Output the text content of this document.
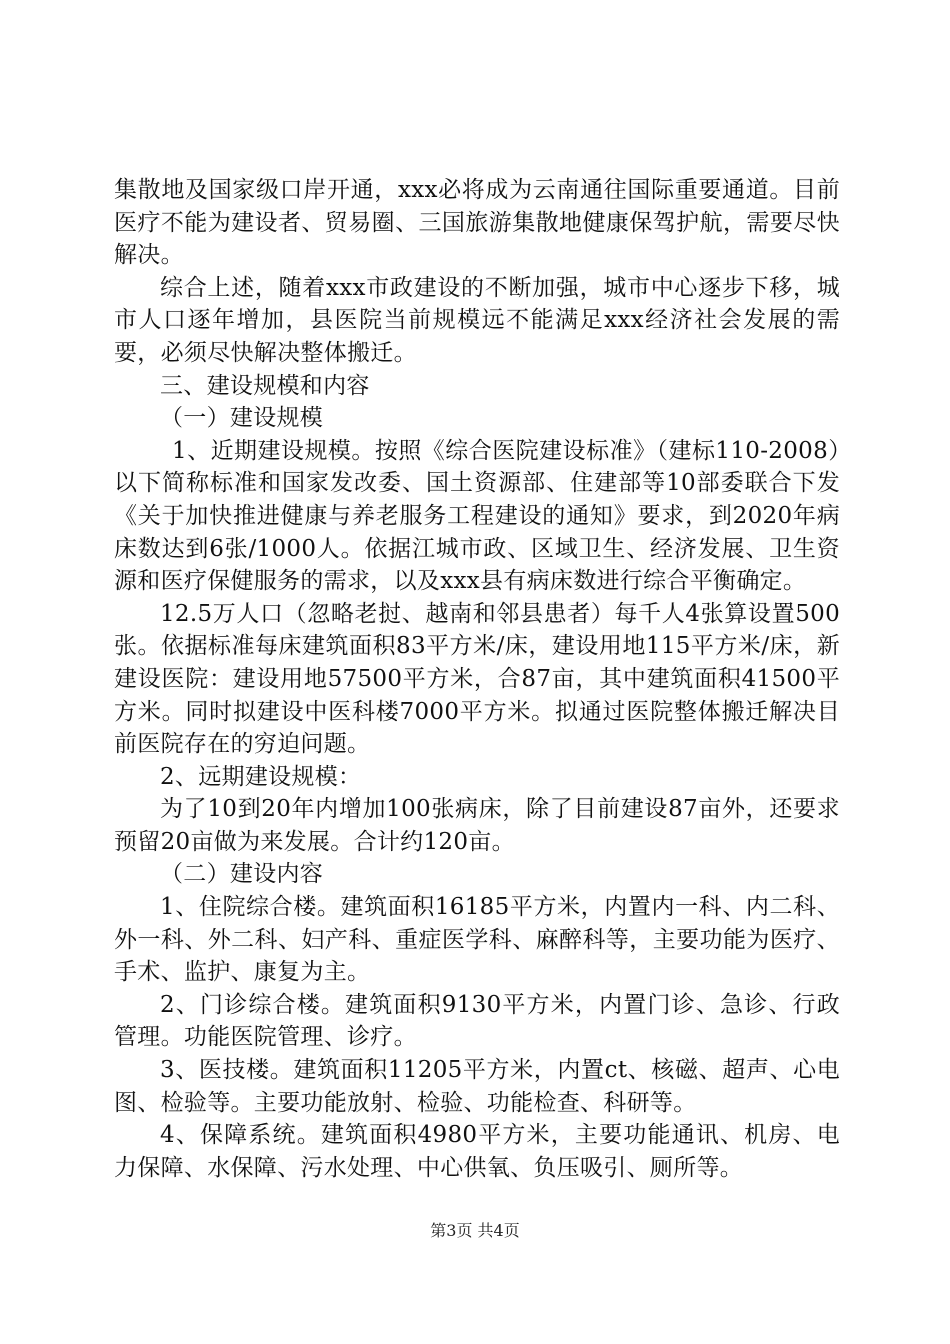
集散地及国家级口岸开通，xxx必将成为云南通往国际重要通道。目前医疗不能为建设者、贸易圈、三国旅游集散地健康保驾护航，需要尽快解决。

综合上述，随着xxx市政建设的不断加强，城市中心逐步下移，城市人口逐年增加，县医院当前规模远不能满足xxx经济社会发展的需要，必须尽快解决整体搬迁。

三、建设规模和内容

（一）建设规模

1、近期建设规模。按照《综合医院建设标准》（建标110-2008）以下简称标准和国家发改委、国土资源部、住建部等10部委联合下发《关于加快推进健康与养老服务工程建设的通知》要求，到2020年病床数达到6张/1000人。依据江城市政、区域卫生、经济发展、卫生资源和医疗保健服务的需求，以及xxx县有病床数进行综合平衡确定。

12.5万人口（忽略老挝、越南和邻县患者）每千人4张算设置500张。依据标准每床建筑面积83平方米/床，建设用地115平方米/床，新建设医院：建设用地57500平方米，合87亩，其中建筑面积41500平方米。同时拟建设中医科楼7000平方米。拟通过医院整体搬迁解决目前医院存在的穷迫问题。

2、远期建设规模：

为了10到20年内增加100张病床，除了目前建设87亩外，还要求预留20亩做为来发展。合计约120亩。

（二）建设内容

1、住院综合楼。建筑面积16185平方米，内置内一科、内二科、外一科、外二科、妇产科、重症医学科、麻醉科等，主要功能为医疗、手术、监护、康复为主。

2、门诊综合楼。建筑面积9130平方米，内置门诊、急诊、行政管理。功能医院管理、诊疗。

3、医技楼。建筑面积11205平方米，内置ct、核磁、超声、心电图、检验等。主要功能放射、检验、功能检查、科研等。

4、保障系统。建筑面积4980平方米，主要功能通讯、机房、电力保障、水保障、污水处理、中心供氧、负压吸引、厕所等。

第3页 共4页
